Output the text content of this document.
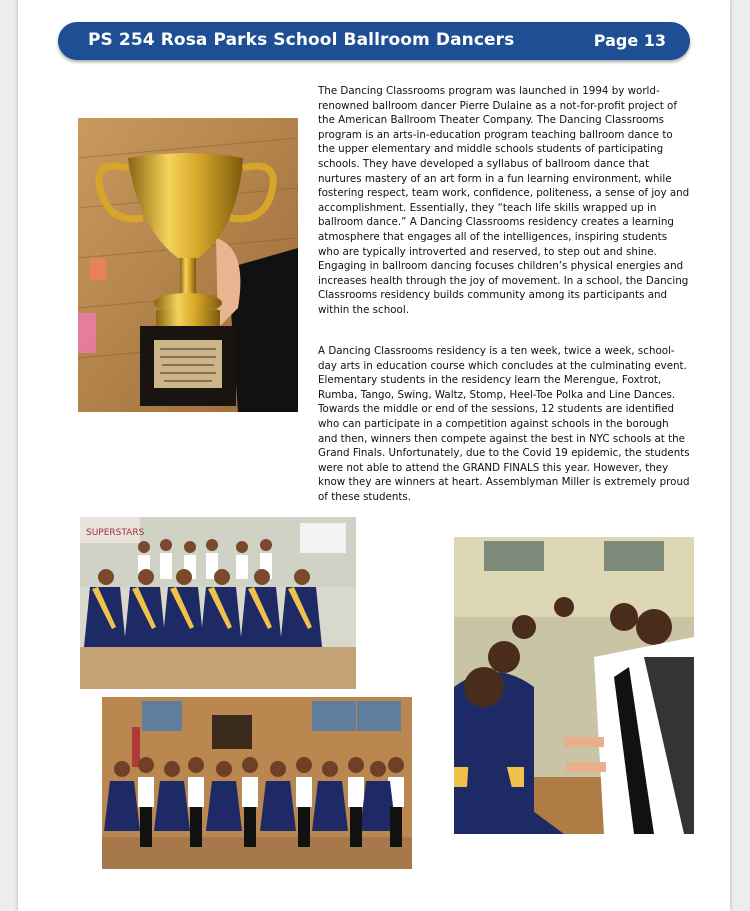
PS 254 Rosa Parks School Ballroom Dancers	Page 13

The Dancing Classrooms program was launched in 1994 by world-renowned ballroom dancer Pierre Dulaine as a not-for-profit project of the American Ballroom Theater Company. The Dancing Classrooms program is an arts-in-education program teaching ballroom dance to the upper elementary and middle schools students of participating schools. They have developed a syllabus of ballroom dance that nurtures mastery of an art form in a fun learning environment, while fostering respect, team work, confidence, politeness, a sense of joy and accomplishment. Essentially, they “teach life skills wrapped up in ballroom dance.” A Dancing Classrooms residency creates a learning atmosphere that engages all of the intelligences, inspiring students who are typically introverted and reserved, to step out and shine. Engaging in ballroom dancing focuses children’s physical energies and increases health through the joy of movement. In a school, the Dancing Classrooms residency builds community among its participants and within the school.

A Dancing Classrooms residency is a ten week, twice a week, school-day arts in education course which concludes at the culminating event. Elementary students in the residency learn the Merengue, Foxtrot, Rumba, Tango, Swing, Waltz, Stomp, Heel-Toe Polka and Line Dances. Towards the middle or end of the sessions, 12 students are identified who can participate in a competition against schools in the borough and then, winners then compete against the best in NYC schools at the Grand Finals. Unfortunately, due to the Covid 19 epidemic, the students were not able to attend the GRAND FINALS this year. However, they know they are winners at heart. Assemblyman Miller is extremely proud of these students.

SUPERSTARS
